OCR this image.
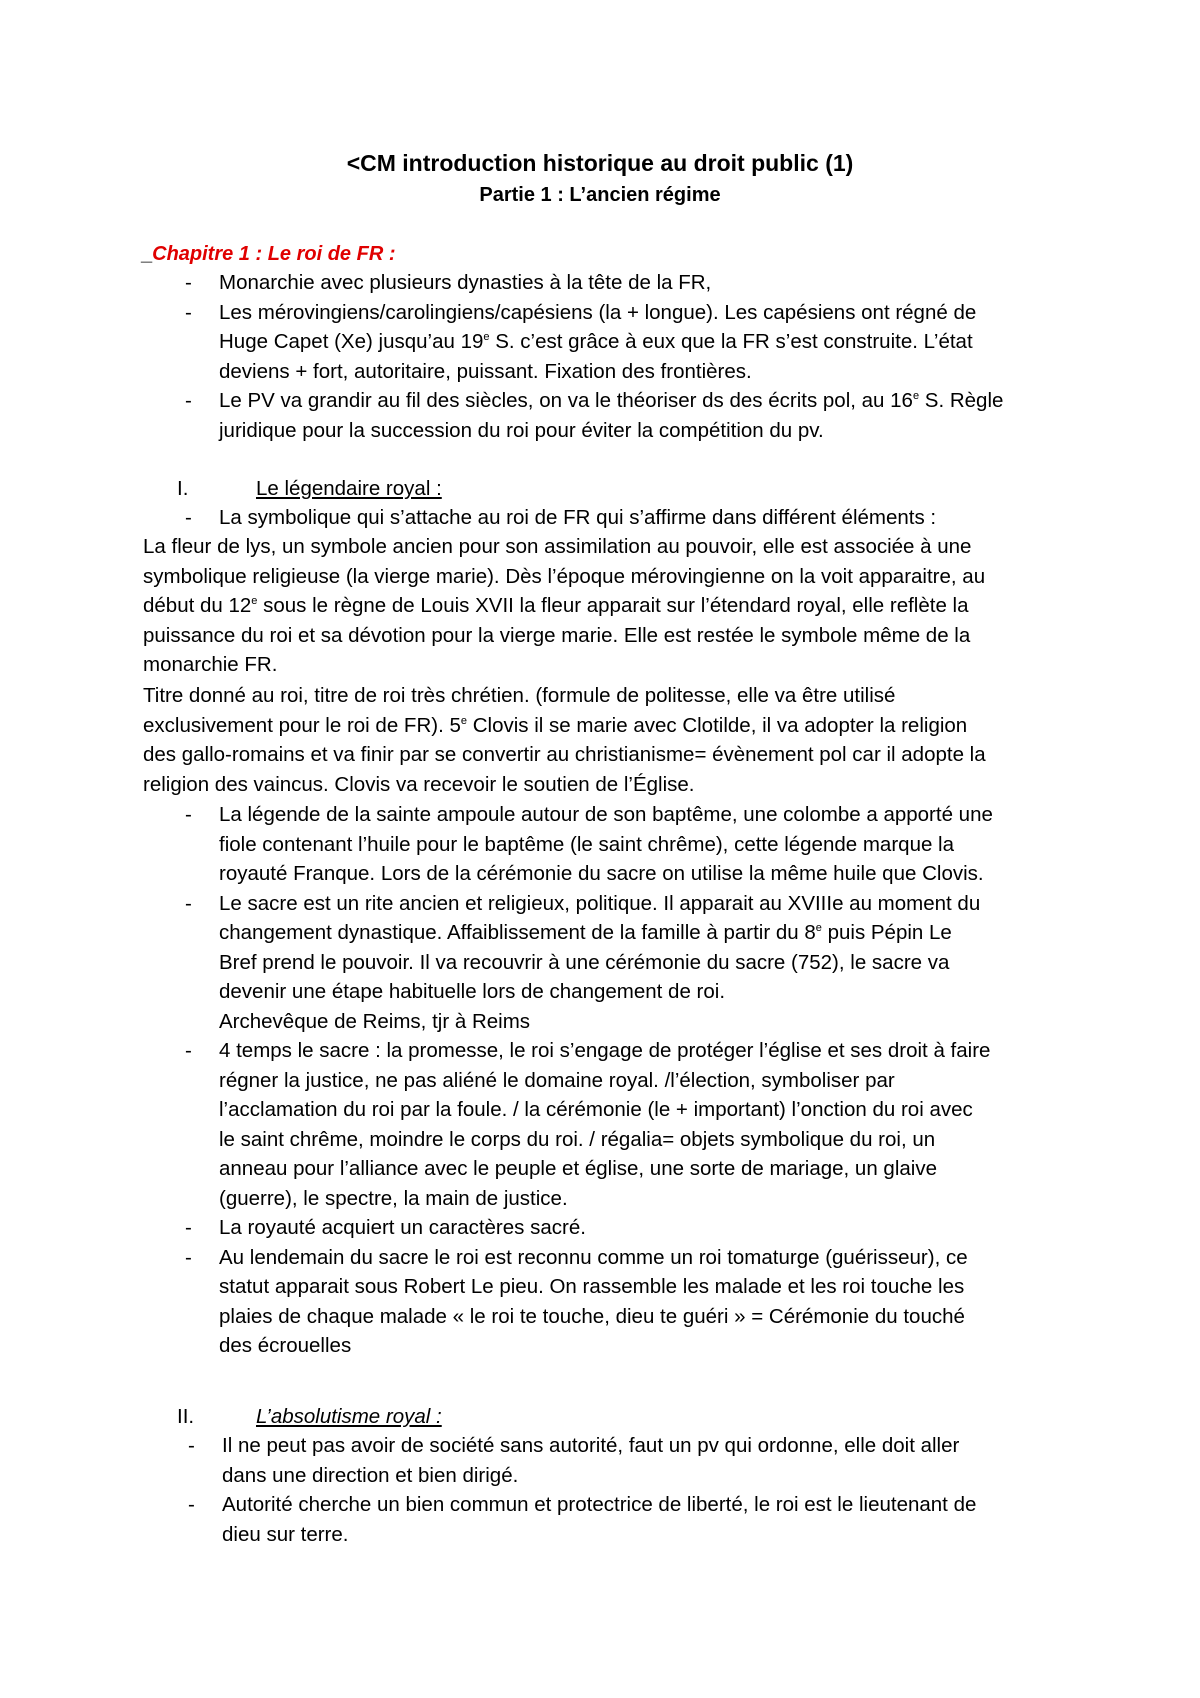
<CM introduction historique au droit public (1)
Partie 1 : L’ancien régime
_Chapitre 1 : Le roi de FR :
- Monarchie avec plusieurs dynasties à la tête de la FR,
- Les mérovingiens/carolingiens/capésiens (la + longue). Les capésiens ont régné de
Huge Capet (Xe) jusqu’au 19e S. c’est grâce à eux que la FR s’est construite. L’état
deviens + fort, autoritaire, puissant. Fixation des frontières.
- Le PV va grandir au fil des siècles, on va le théoriser ds des écrits pol, au 16e S. Règle
juridique pour la succession du roi pour éviter la compétition du pv.
I.	Le légendaire royal :
- La symbolique qui s’attache au roi de FR qui s’affirme dans différent éléments :

La fleur de lys, un symbole ancien pour son assimilation au pouvoir, elle est associée à une

symbolique religieuse (la vierge marie). Dès l’époque mérovingienne on la voit apparaitre, au

début du 12e sous le règne de Louis XVII la fleur apparait sur l’étendard royal, elle reflète la

puissance du roi et sa dévotion pour la vierge marie. Elle est restée le symbole même de la

monarchie FR.

Titre donné au roi, titre de roi très chrétien. (formule de politesse, elle va être utilisé

exclusivement pour le roi de FR). 5e Clovis il se marie avec Clotilde, il va adopter la religion

des gallo-romains et va finir par se convertir au christianisme= évènement pol car il adopte la

religion des vaincus. Clovis va recevoir le soutien de l’Église.

- La légende de la sainte ampoule autour de son baptême, une colombe a apporté une
fiole contenant l’huile pour le baptême (le saint chrême), cette légende marque la
royauté Franque. Lors de la cérémonie du sacre on utilise la même huile que Clovis.
- Le sacre est un rite ancien et religieux, politique. Il apparait au XVIIIe au moment du
changement dynastique. Affaiblissement de la famille à partir du 8e puis Pépin Le
Bref prend le pouvoir. Il va recouvrir à une cérémonie du sacre (752), le sacre va
devenir une étape habituelle lors de changement de roi.
Archevêque de Reims, tjr à Reims
- 4 temps le sacre : la promesse, le roi s’engage de protéger l’église et ses droit à faire
régner la justice, ne pas aliéné le domaine royal. /l’élection, symboliser par
l’acclamation du roi par la foule. / la cérémonie (le + important) l’onction du roi avec
le saint chrême, moindre le corps du roi. / régalia= objets symbolique du roi, un
anneau pour l’alliance avec le peuple et église, une sorte de mariage, un glaive
(guerre), le spectre, la main de justice.
- La royauté acquiert un caractères sacré.
- Au lendemain du sacre le roi est reconnu comme un roi tomaturge (guérisseur), ce
statut apparait sous Robert Le pieu. On rassemble les malade et les roi touche les
plaies de chaque malade « le roi te touche, dieu te guéri » = Cérémonie du touché
des écrouelles
II.	L’absolutisme royal :
- Il ne peut pas avoir de société sans autorité, faut un pv qui ordonne, elle doit aller
dans une direction et bien dirigé.
- Autorité cherche un bien commun et protectrice de liberté, le roi est le lieutenant de
dieu sur terre.
